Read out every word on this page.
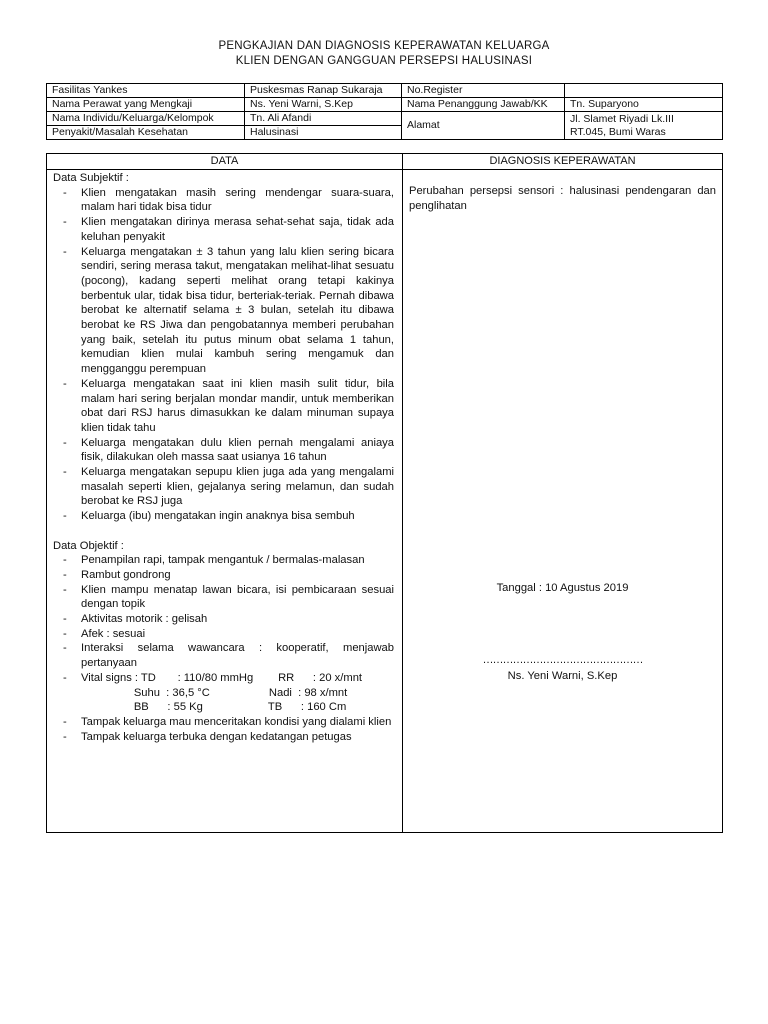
PENGKAJIAN DAN DIAGNOSIS KEPERAWATAN KELUARGA
KLIEN DENGAN GANGGUAN PERSEPSI HALUSINASI
Fasilitas Yankes	Puskesmas Ranap Sukaraja	No.Register	
Nama Perawat yang Mengkaji	Ns. Yeni Warni, S.Kep	Nama Penanggung Jawab/KK	Tn. Suparyono
Nama Individu/Keluarga/Kelompok	Tn. Ali Afandi	Alamat	Jl. Slamet Riyadi Lk.III
RT.045, Bumi Waras

Penyakit/Masalah Kesehatan	Halusinasi		
DATA	DIAGNOSIS KEPERAWATAN
Data Subjektif :
- Klien mengatakan masih sering mendengar suara-suara, malam hari tidak bisa tidur
- Klien mengatakan dirinya merasa sehat-sehat saja, tidak ada keluhan penyakit
- Keluarga mengatakan ± 3 tahun yang lalu klien sering bicara sendiri, sering merasa takut, mengatakan melihat-lihat sesuatu (pocong), kadang seperti melihat orang tetapi kakinya berbentuk ular, tidak bisa tidur, berteriak-teriak. Pernah dibawa berobat ke alternatif selama ± 3 bulan, setelah itu dibawa berobat ke RS Jiwa dan pengobatannya memberi perubahan yang baik, setelah itu putus minum obat selama 1 tahun, kemudian klien mulai kambuh sering mengamuk dan mengganggu perempuan
- Keluarga mengatakan saat ini klien masih sulit tidur, bila malam hari sering berjalan mondar mandir, untuk memberikan obat dari RSJ harus dimasukkan ke dalam minuman supaya klien tidak tahu
- Keluarga mengatakan dulu klien pernah mengalami aniaya fisik, dilakukan oleh massa saat usianya 16 tahun
- Keluarga mengatakan sepupu klien juga ada yang mengalami masalah seperti klien, gejalanya sering melamun, dan sudah berobat ke RSJ juga
- Keluarga (ibu) mengatakan ingin anaknya bisa sembuh
Data Objektif :
- Penampilan rapi, tampak mengantuk / bermalas-malasan
- Rambut gondrong
- Klien mampu menatap lawan bicara, isi pembicaraan sesuai dengan topik
- Aktivitas motorik : gelisah
- Afek : sesuai
- Interaksi selama wawancara : kooperatif, menjawab pertanyaan
- Vital signs : TD       : 110/80 mmHg        RR      : 20 x/mnt
Suhu  : 36,5 °C                   Nadi  : 98 x/mnt
BB      : 55 Kg                     TB      : 160 Cm
- Tampak keluarga mau menceritakan kondisi yang dialami klien
- Tampak keluarga terbuka dengan kedatangan petugas
Perubahan persepsi sensori : halusinasi pendengaran dan penglihatan
Tanggal : 10 Agustus 2019
…………………………………………
Ns. Yeni Warni, S.Kep
